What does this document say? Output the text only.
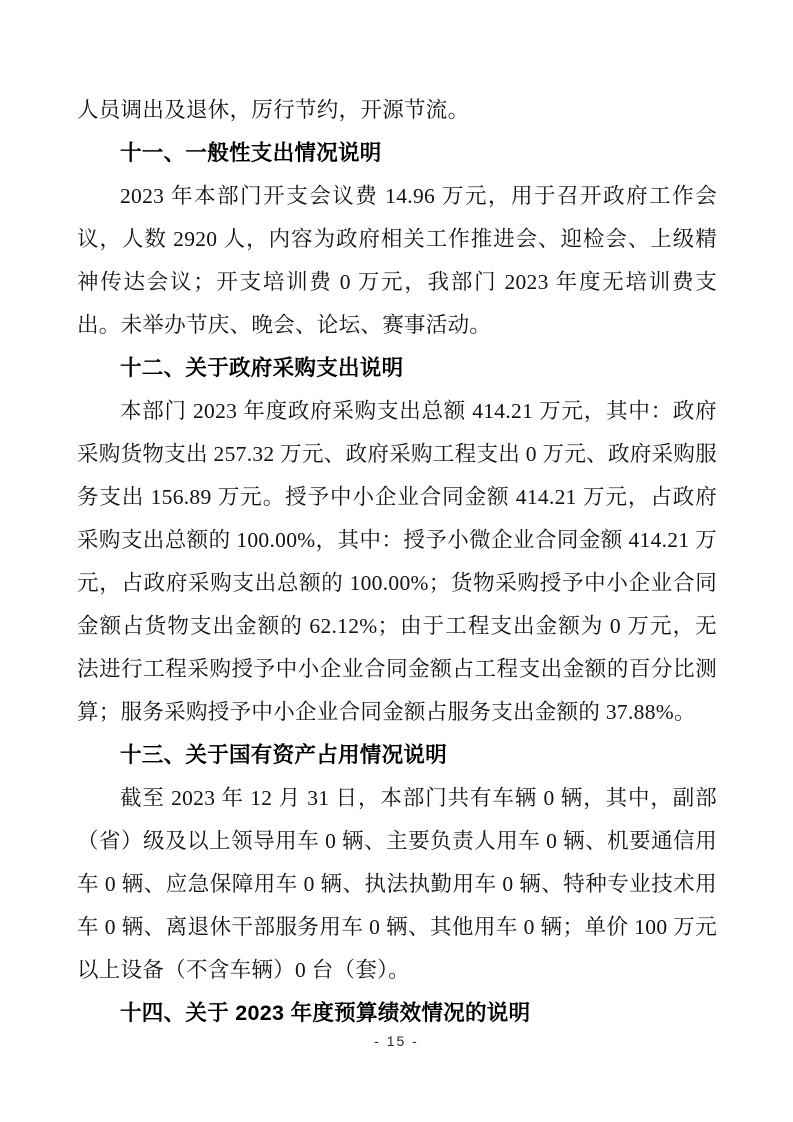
人员调出及退休，厉行节约，开源节流。

十一、一般性支出情况说明

2023 年本部门开支会议费 14.96 万元，用于召开政府工作会议，人数 2920 人，内容为政府相关工作推进会、迎检会、上级精神传达会议；开支培训费 0 万元，我部门 2023 年度无培训费支出。未举办节庆、晚会、论坛、赛事活动。

十二、关于政府采购支出说明

本部门 2023 年度政府采购支出总额 414.21 万元，其中：政府采购货物支出 257.32 万元、政府采购工程支出 0 万元、政府采购服务支出 156.89 万元。授予中小企业合同金额 414.21 万元，占政府采购支出总额的 100.00%，其中：授予小微企业合同金额 414.21 万元，占政府采购支出总额的 100.00%；货物采购授予中小企业合同金额占货物支出金额的 62.12%；由于工程支出金额为 0 万元，无法进行工程采购授予中小企业合同金额占工程支出金额的百分比测算；服务采购授予中小企业合同金额占服务支出金额的 37.88%。

十三、关于国有资产占用情况说明

截至 2023 年 12 月 31 日，本部门共有车辆 0 辆，其中，副部（省）级及以上领导用车 0 辆、主要负责人用车 0 辆、机要通信用车 0 辆、应急保障用车 0 辆、执法执勤用车 0 辆、特种专业技术用车 0 辆、离退休干部服务用车 0 辆、其他用车 0 辆；单价 100 万元以上设备（不含车辆）0 台（套）。

十四、关于 2023 年度预算绩效情况的说明
- 15 -
